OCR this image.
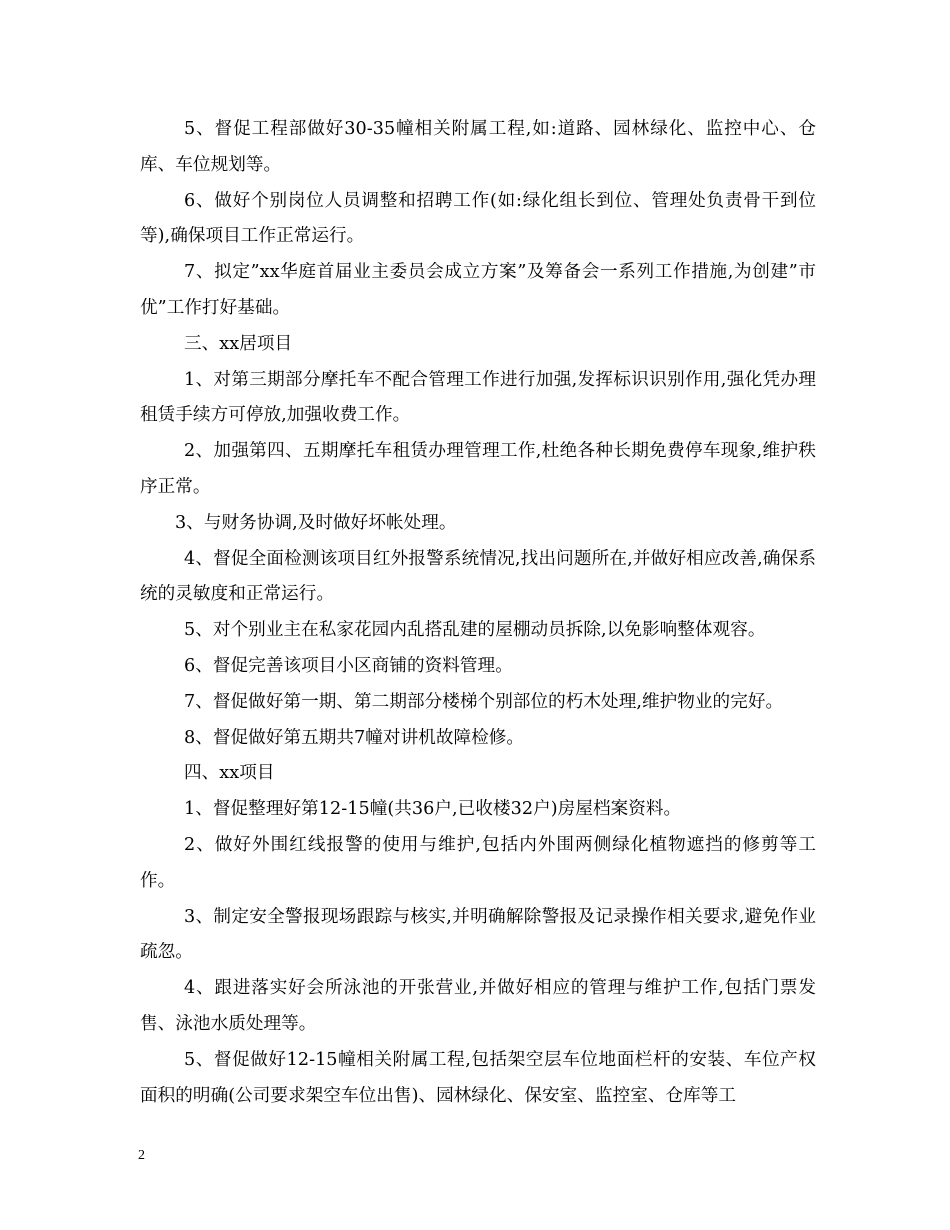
5、督促工程部做好30-35幢相关附属工程,如:道路、园林绿化、监控中心、仓库、车位规划等。

6、做好个别岗位人员调整和招聘工作(如:绿化组长到位、管理处负责骨干到位等),确保项目工作正常运行。

7、拟定”xx华庭首届业主委员会成立方案”及筹备会一系列工作措施,为创建”市优”工作打好基础。

三、xx居项目

1、对第三期部分摩托车不配合管理工作进行加强,发挥标识识别作用,强化凭办理租赁手续方可停放,加强收费工作。

2、加强第四、五期摩托车租赁办理管理工作,杜绝各种长期免费停车现象,维护秩序正常。

3、与财务协调,及时做好坏帐处理。

4、督促全面检测该项目红外报警系统情况,找出问题所在,并做好相应改善,确保系统的灵敏度和正常运行。

5、对个别业主在私家花园内乱搭乱建的屋棚动员拆除,以免影响整体观容。

6、督促完善该项目小区商铺的资料管理。

7、督促做好第一期、第二期部分楼梯个别部位的朽木处理,维护物业的完好。

8、督促做好第五期共7幢对讲机故障检修。

四、xx项目

1、督促整理好第12-15幢(共36户,已收楼32户)房屋档案资料。

2、做好外围红线报警的使用与维护,包括内外围两侧绿化植物遮挡的修剪等工作。

3、制定安全警报现场跟踪与核实,并明确解除警报及记录操作相关要求,避免作业疏忽。

4、跟进落实好会所泳池的开张营业,并做好相应的管理与维护工作,包括门票发售、泳池水质处理等。

5、督促做好12-15幢相关附属工程,包括架空层车位地面栏杆的安装、车位产权面积的明确(公司要求架空车位出售)、园林绿化、保安室、监控室、仓库等工

2
